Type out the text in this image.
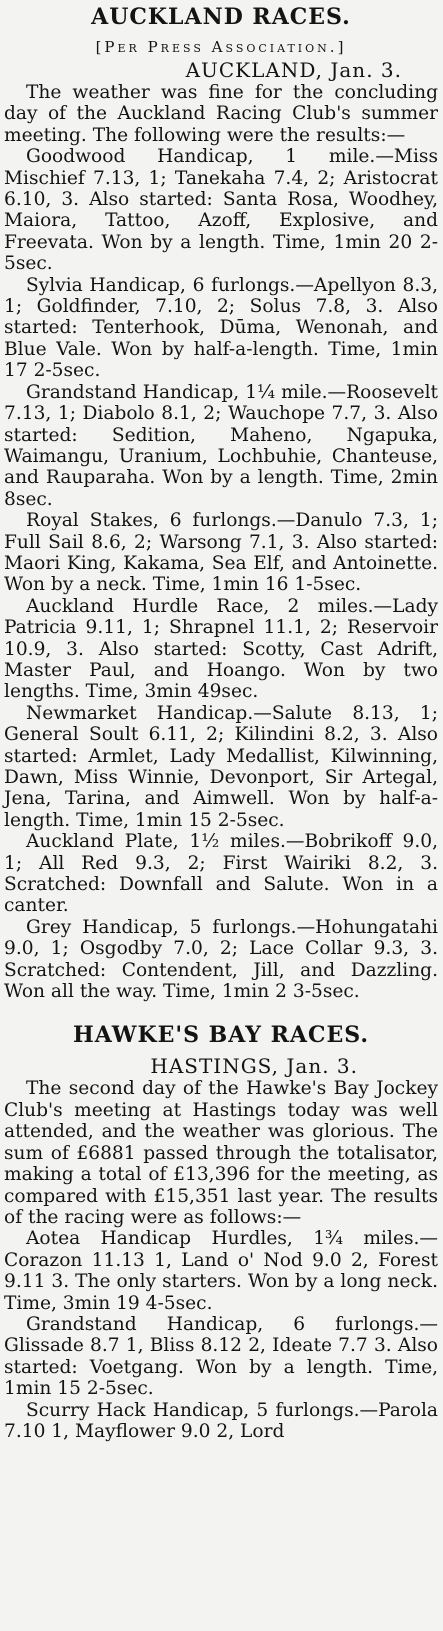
AUCKLAND RACES.
[Per Press Association.]
AUCKLAND, Jan. 3.

The weather was fine for the concluding day of the Auckland Racing Club's summer meeting. The following were the results:—

Goodwood Handicap, 1 mile.—Miss Mischief 7.13, 1; Tanekaha 7.4, 2; Aristocrat 6.10, 3. Also started: Santa Rosa, Woodhey, Maiora, Tattoo, Azoff, Explosive, and Freevata. Won by a length. Time, 1min 20 2-5sec.

Sylvia Handicap, 6 furlongs.—Apellyon 8.3, 1; Goldfinder, 7.10, 2; Solus 7.8, 3. Also started: Tenterhook, Dūma, Wenonah, and Blue Vale. Won by half-a-length. Time, 1min 17 2-5sec.

Grandstand Handicap, 1¼ mile.—Roosevelt 7.13, 1; Diabolo 8.1, 2; Wauchope 7.7, 3. Also started: Sedition, Maheno, Ngapuka, Waimangu, Uranium, Lochbuhie, Chanteuse, and Rauparaha. Won by a length. Time, 2min 8sec.

Royal Stakes, 6 furlongs.—Danulo 7.3, 1; Full Sail 8.6, 2; Warsong 7.1, 3. Also started: Maori King, Kakama, Sea Elf, and Antoinette. Won by a neck. Time, 1min 16 1-5sec.

Auckland Hurdle Race, 2 miles.—Lady Patricia 9.11, 1; Shrapnel 11.1, 2; Reservoir 10.9, 3. Also started: Scotty, Cast Adrift, Master Paul, and Hoango. Won by two lengths. Time, 3min 49sec.

Newmarket Handicap.—Salute 8.13, 1; General Soult 6.11, 2; Kilindini 8.2, 3. Also started: Armlet, Lady Medallist, Kilwinning, Dawn, Miss Winnie, Devonport, Sir Artegal, Jena, Tarina, and Aimwell. Won by half-a-length. Time, 1min 15 2-5sec.

Auckland Plate, 1½ miles.—Bobrikoff 9.0, 1; All Red 9.3, 2; First Wairiki 8.2, 3. Scratched: Downfall and Salute. Won in a canter.

Grey Handicap, 5 furlongs.—Hohungatahi 9.0, 1; Osgodby 7.0, 2; Lace Collar 9.3, 3. Scratched: Contendent, Jill, and Dazzling. Won all the way. Time, 1min 2 3-5sec.

HAWKE'S BAY RACES.
HASTINGS, Jan. 3.

The second day of the Hawke's Bay Jockey Club's meeting at Hastings today was well attended, and the weather was glorious. The sum of £6881 passed through the totalisator, making a total of £13,396 for the meeting, as compared with £15,351 last year. The results of the racing were as follows:—

Aotea Handicap Hurdles, 1¾ miles.—Corazon 11.13 1, Land o' Nod 9.0 2, Forest 9.11 3. The only starters. Won by a long neck. Time, 3min 19 4-5sec.

Grandstand Handicap, 6 furlongs.—Glissade 8.7 1, Bliss 8.12 2, Ideate 7.7 3. Also started: Voetgang. Won by a length. Time, 1min 15 2-5sec.

Scurry Hack Handicap, 5 furlongs.—Parola 7.10 1, Mayflower 9.0 2, Lord
